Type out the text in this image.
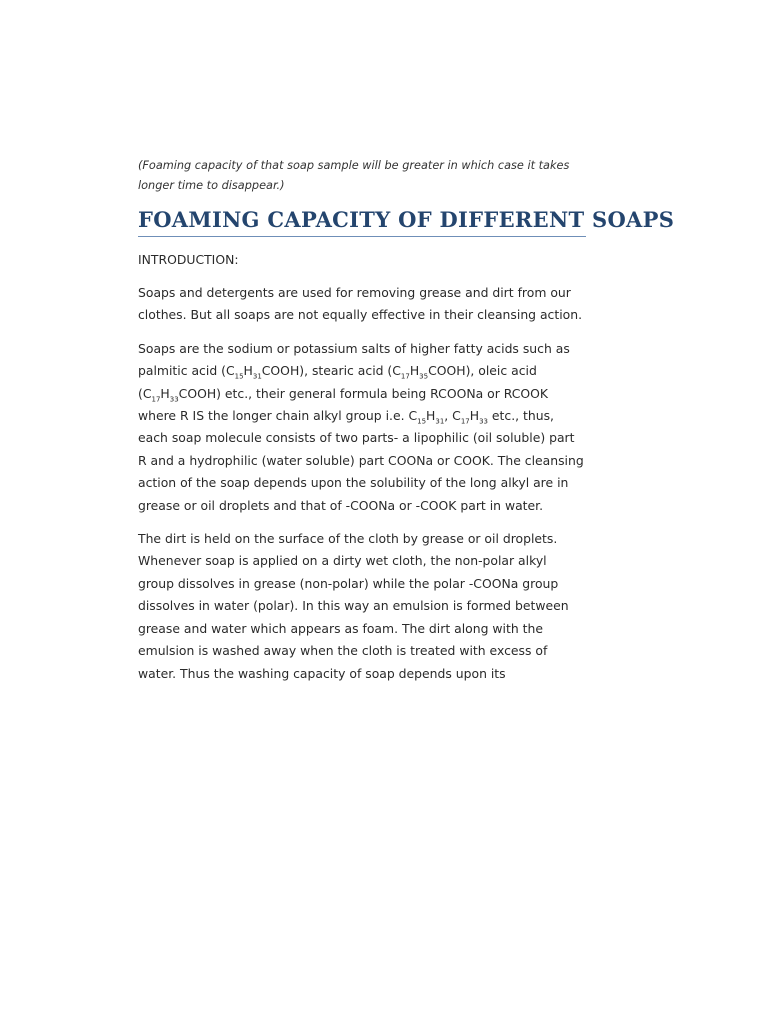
(Foaming capacity of that soap sample will be greater in which case it takes longer time to disappear.)

FOAMING CAPACITY OF DIFFERENT SOAPS

INTRODUCTION:

Soaps and detergents are used for removing grease and dirt from our clothes. But all soaps are not equally effective in their cleansing action.

Soaps are the sodium or potassium salts of higher fatty acids such as palmitic acid $(C_{15}H_{31}COOH)$, stearic acid $(C_{17}H_{35}COOH)$, oleic acid $(C_{17}H_{33}COOH)$ etc., their general formula being RCOONa or RCOOK where R IS the longer chain alkyl group i.e. $C_{15}H_{31}$, $C_{17}H_{33}$ etc., thus, each soap molecule consists of two parts- a lipophilic (oil soluble) part R and a hydrophilic (water soluble) part COONa or COOK. The cleansing action of the soap depends upon the solubility of the long alkyl are in grease or oil droplets and that of -COONa or -COOK part in water.

The dirt is held on the surface of the cloth by grease or oil droplets. Whenever soap is applied on a dirty wet cloth, the non-polar alkyl group dissolves in grease (non-polar) while the polar -COONa group dissolves in water (polar). In this way an emulsion is formed between grease and water which appears as foam. The dirt along with the emulsion is washed away when the cloth is treated with excess of water. Thus the washing capacity of soap depends upon its
